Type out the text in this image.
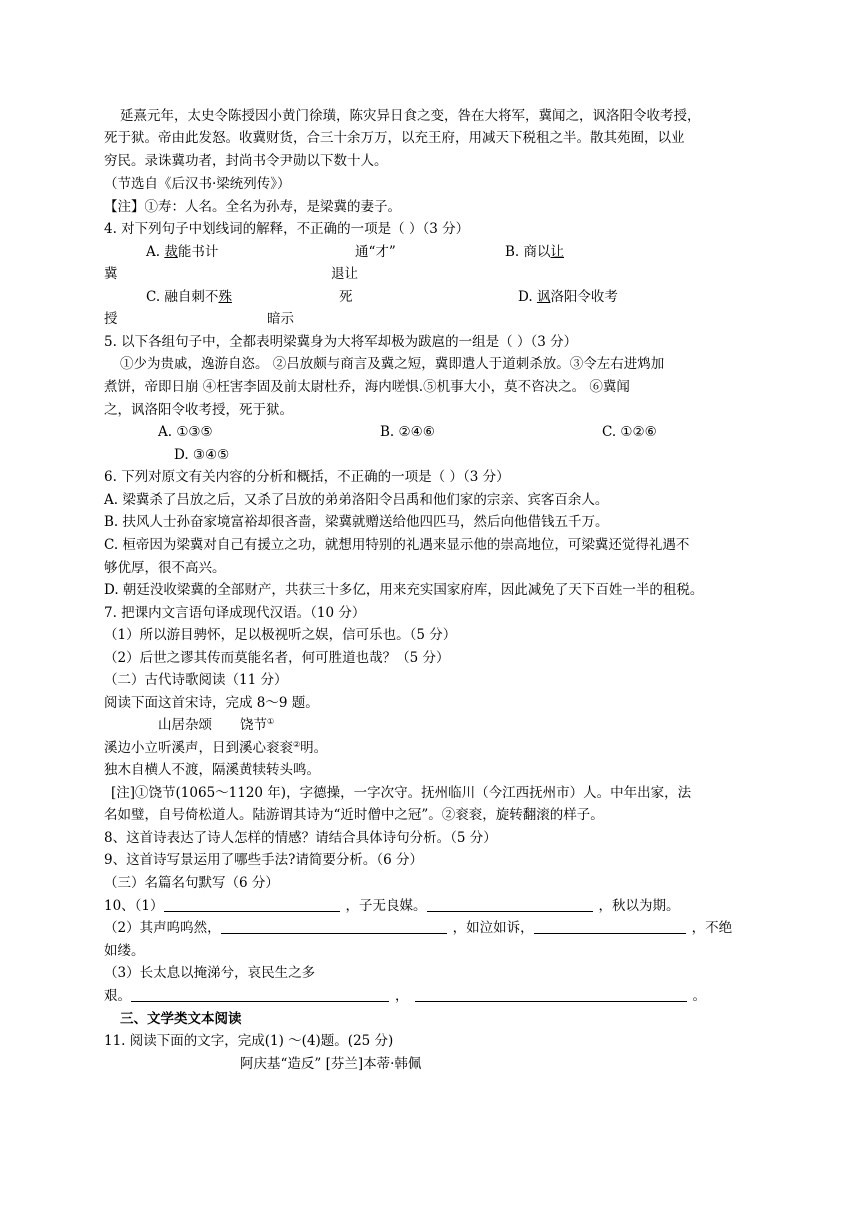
延熹元年，太史令陈授因小黄门徐璜，陈灾异日食之变，咎在大将军，冀闻之，讽洛阳令收考授，
死于狱。帝由此发怒。收冀财货，合三十余万万，以充王府，用减天下税租之半。散其苑囿，以业
穷民。录诛冀功者，封尚书令尹勋以下数十人。
（节选自《后汉书·梁统列传》）
【注】①寿：人名。全名为孙寿，是梁冀的妻子。
4. 对下列句子中划线词的解释，不正确的一项是（ ）（3 分）
A. 裁能书计	通“才”	B. 商以让
冀	退让
C. 融自刺不殊	死	D. 讽洛阳令收考
授	暗示
5. 以下各组句子中，全都表明梁冀身为大将军却极为跋扈的一组是（ ）（3 分）
①少为贵戚，逸游自恣。 ②吕放颇与商言及冀之短，冀即遣人于道刺杀放。③令左右进鸩加
煮饼，帝即日崩 ④枉害李固及前太尉杜乔，海内嗟惧.⑤机事大小，莫不咨决之。 ⑥冀闻
之，讽洛阳令收考授，死于狱。
A. ①③⑤	B. ②④⑥	C. ①②⑥
D. ③④⑤
6. 下列对原文有关内容的分析和概括，不正确的一项是（ ）（3 分）
A. 梁冀杀了吕放之后，又杀了吕放的弟弟洛阳令吕禹和他们家的宗亲、宾客百余人。
B. 扶风人士孙奋家境富裕却很吝啬，梁冀就赠送给他四匹马，然后向他借钱五千万。
C. 桓帝因为梁冀对自己有援立之功，就想用特别的礼遇来显示他的崇高地位，可梁冀还觉得礼遇不
够优厚，很不高兴。
D. 朝廷没收梁冀的全部财产，共获三十多亿，用来充实国家府库，因此减免了天下百姓一半的租税。
7. 把课内文言语句译成现代汉语。（10 分）
（1）所以游目骋怀，足以极视听之娱，信可乐也。（5 分）
（2）后世之谬其传而莫能名者，何可胜道也哉？（5 分）
（二）古代诗歌阅读（11 分）
阅读下面这首宋诗，完成 8～9 题。
山居杂颂 饶节①
溪边小立听溪声，日到溪心衮衮②明。
独木自横人不渡，隔溪黄犊转头鸣。
[注]①饶节(1065～1120 年)，字德操，一字次守。抚州临川（今江西抚州市）人。中年出家，法
名如璧，自号倚松道人。陆游谓其诗为“近时僧中之冠”。②衮衮，旋转翻滚的样子。
8、这首诗表达了诗人怎样的情感？请结合具体诗句分析。（5 分）
9、这首诗写景运用了哪些手法?请简要分析。（6 分）
（三）名篇名句默写（6 分）
10、（1）	，子无良媒。	，秋以为期。
（2）其声呜呜然，	，如泣如诉，	，不绝
如缕。
（3）长太息以掩涕兮，哀民生之多
艰。	，	。
三、文学类文本阅读
11. 阅读下面的文字，完成(1) ～(4)题。(25 分)
阿庆基“造反” [芬兰]本蒂·韩佩
